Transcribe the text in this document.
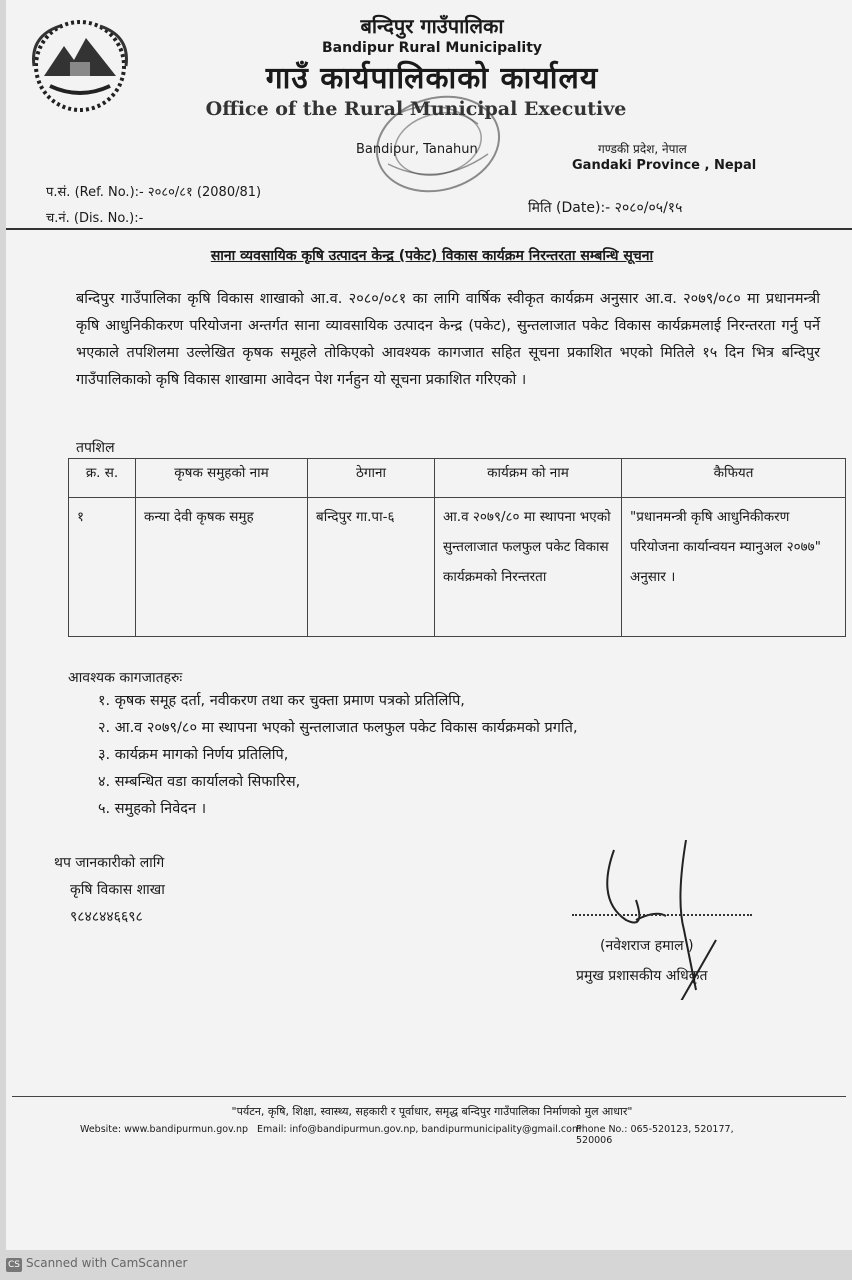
बन्दिपुर गाउँपालिका
Bandipur Rural Municipality
गाउँ कार्यपालिकाको कार्यालय
Office of the Rural Municipal Executive
Bandipur, Tanahun	गण्डकी प्रदेश, नेपाल
Gandaki Province , Nepal
प.सं. (Ref. No.):- २०८०/८१ (2080/81)
च.नं. (Dis. No.):-
मिति (Date):- २०८०/०५/१५
साना व्यवसायिक कृषि उत्पादन केन्द्र (पकेट) विकास कार्यक्रम निरन्तरता सम्बन्धि सूचना
बन्दिपुर गाउँपालिका कृषि विकास शाखाको आ.व. २०८०/०८१ का लागि वार्षिक स्वीकृत कार्यक्रम अनुसार आ.व. २०७९/०८० मा प्रधानमन्त्री कृषि आधुनिकीकरण परियोजना अन्तर्गत साना व्यावसायिक उत्पादन केन्द्र (पकेट), सुन्तलाजात पकेट विकास कार्यक्रमलाई निरन्तरता गर्नु पर्ने भएकाले तपशिलमा उल्लेखित कृषक समूहले तोकिएको आवश्यक कागजात सहित सूचना प्रकाशित भएको मितिले १५ दिन भित्र बन्दिपुर गाउँपालिकाको कृषि विकास शाखामा आवेदन पेश गर्नहुन यो सूचना प्रकाशित गरिएको ।
तपशिल
क्र. स.	कृषक समुहको नाम	ठेगाना	कार्यक्रम को नाम	कैफियत
१	कन्या देवी कृषक समुह	बन्दिपुर गा.पा-६	आ.व २०७९/८० मा स्थापना भएको सुन्तलाजात फलफुल पकेट विकास कार्यक्रमको निरन्तरता	"प्रधानमन्त्री कृषि आधुनिकीकरण परियोजना कार्यान्वयन म्यानुअल २०७७" अनुसार ।
आवश्यक कागजातहरुः
१. कृषक समूह दर्ता, नवीकरण तथा कर चुक्ता प्रमाण पत्रको प्रतिलिपि,
२. आ.व २०७९/८० मा स्थापना भएको सुन्तलाजात फलफुल पकेट विकास कार्यक्रमको प्रगति,
३. कार्यक्रम मागको निर्णय प्रतिलिपि,
४. सम्बन्धित वडा कार्यालको सिफारिस,
५. समुहको निवेदन ।
थप जानकारीको लागि
कृषि विकास शाखा
९८४८४४६६९८
(नवेशराज हमाल )
प्रमुख प्रशासकीय अधिकृत
"पर्यटन, कृषि, शिक्षा, स्वास्थ्य, सहकारी र पूर्वाधार, समृद्ध बन्दिपुर गाउँपालिका निर्माणको मुल आधार"
Website: www.bandipurmun.gov.np Email: info@bandipurmun.gov.np, bandipurmunicipality@gmail.com
Phone No.: 065-520123, 520177, 520006
CS Scanned with CamScanner
